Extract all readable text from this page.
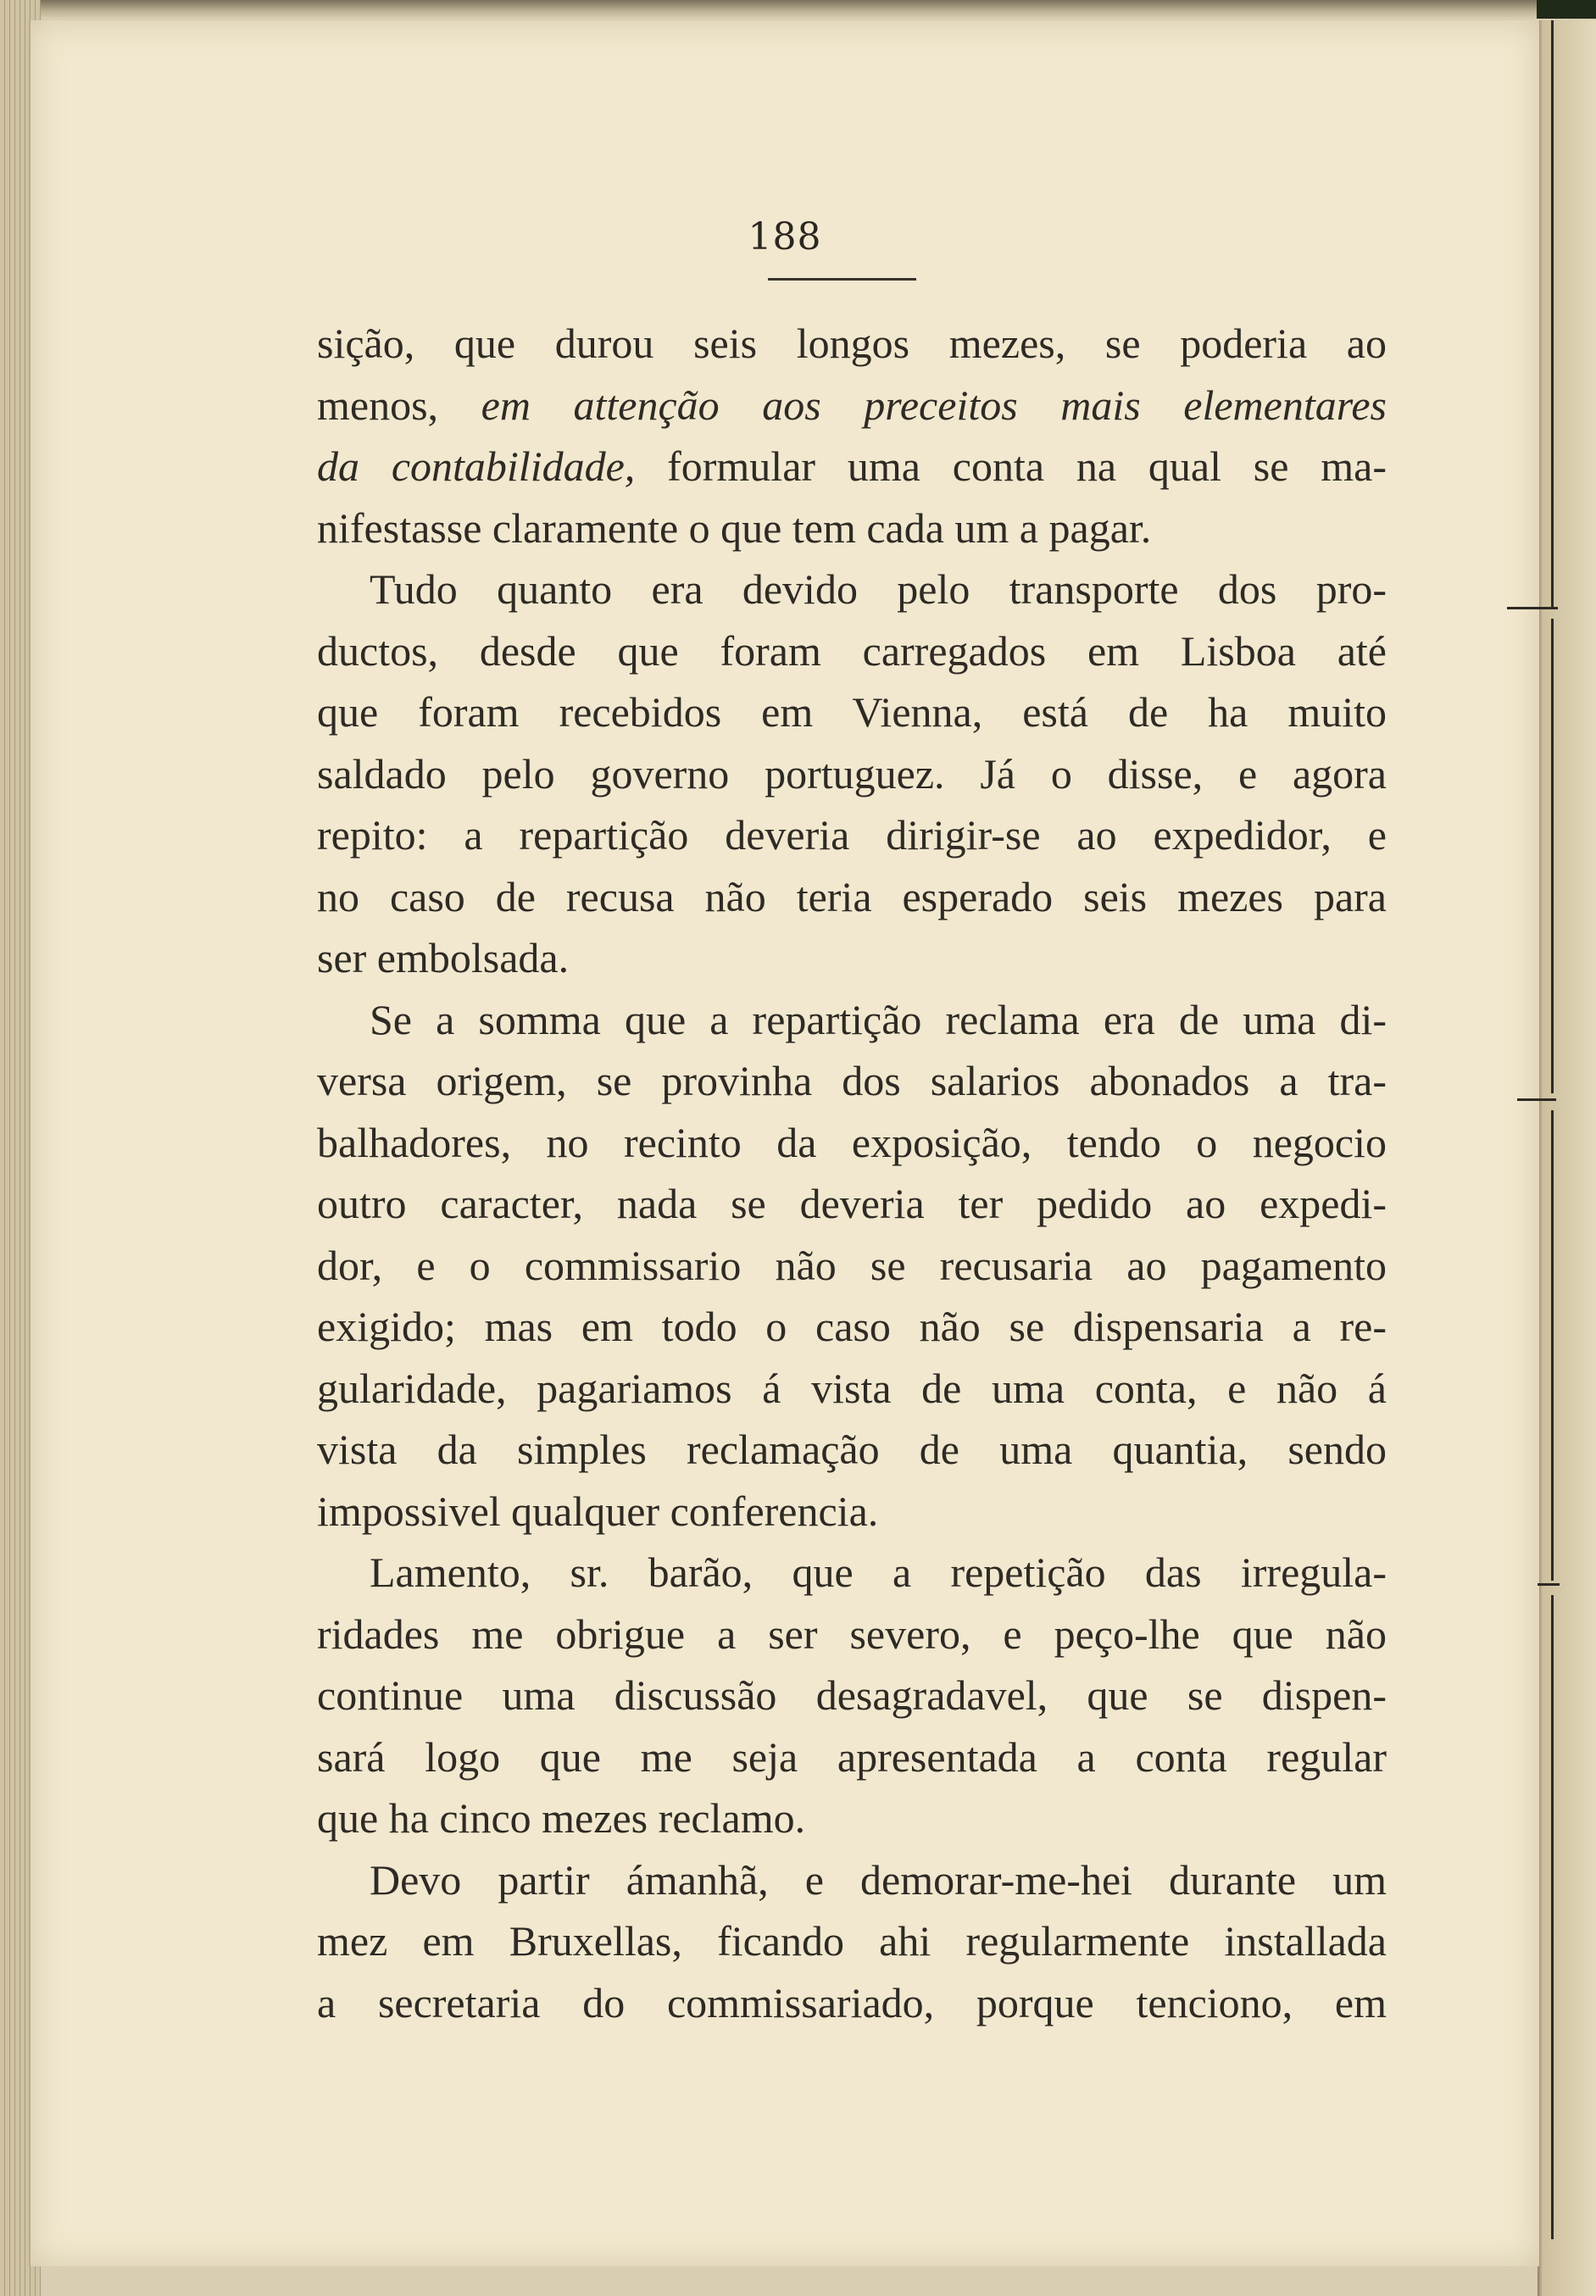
188
sição, que durou seis longos mezes, se poderia ao
menos, em attenção aos preceitos mais elementares
da contabilidade, formular uma conta na qual se ma-
nifestasse claramente o que tem cada um a pagar.
Tudo quanto era devido pelo transporte dos pro-
ductos, desde que foram carregados em Lisboa até
que foram recebidos em Vienna, está de ha muito
saldado pelo governo portuguez. Já o disse, e agora
repito: a repartição deveria dirigir-se ao expedidor, e
no caso de recusa não teria esperado seis mezes para
ser embolsada.
Se a somma que a repartição reclama era de uma di-
versa origem, se provinha dos salarios abonados a tra-
balhadores, no recinto da exposição, tendo o negocio
outro caracter, nada se deveria ter pedido ao expedi-
dor, e o commissario não se recusaria ao pagamento
exigido; mas em todo o caso não se dispensaria a re-
gularidade, pagariamos á vista de uma conta, e não á
vista da simples reclamação de uma quantia, sendo
impossivel qualquer conferencia.
Lamento, sr. barão, que a repetição das irregula-
ridades me obrigue a ser severo, e peço-lhe que não
continue uma discussão desagradavel, que se dispen-
sará logo que me seja apresentada a conta regular
que ha cinco mezes reclamo.
Devo partir ámanhã, e demorar-me-hei durante um
mez em Bruxellas, ficando ahi regularmente installada
a secretaria do commissariado, porque tenciono, em
